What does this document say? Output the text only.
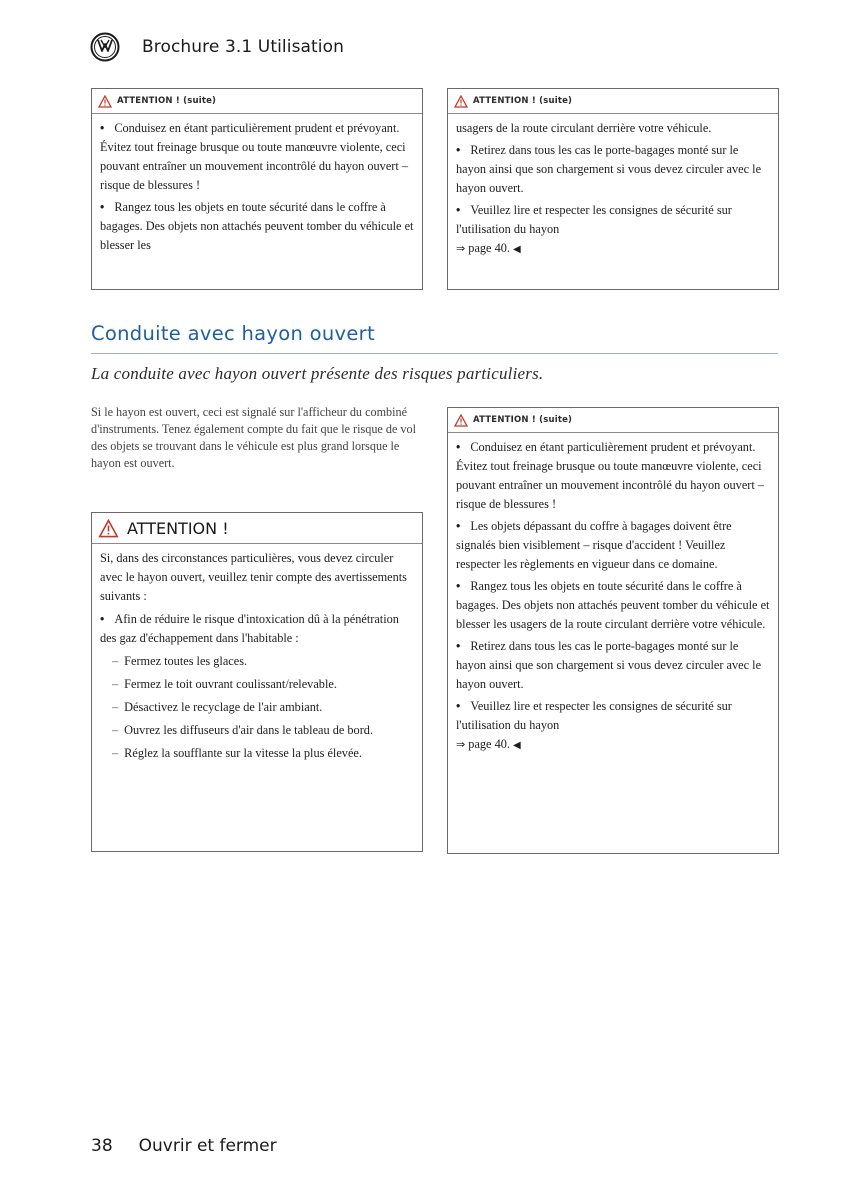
Brochure 3.1 Utilisation
ATTENTION ! (suite)

• Conduisez en étant particulièrement prudent et prévoyant. Évitez tout freinage brusque ou toute manœuvre violente, ceci pouvant entraîner un mouvement incontrôlé du hayon ouvert – risque de blessures !

• Rangez tous les objets en toute sécurité dans le coffre à bagages. Des objets non attachés peuvent tomber du véhicule et blesser les

ATTENTION ! (suite)

usagers de la route circulant derrière votre véhicule.

• Retirez dans tous les cas le porte-bagages monté sur le hayon ainsi que son chargement si vous devez circuler avec le hayon ouvert.

• Veuillez lire et respecter les consignes de sécurité sur l'utilisation du hayon
⇒ page 40. ◀

Conduite avec hayon ouvert
La conduite avec hayon ouvert présente des risques particuliers.
Si le hayon est ouvert, ceci est signalé sur l'afficheur du combiné d'instruments. Tenez également compte du fait que le risque de vol des objets se trouvant dans le véhicule est plus grand lorsque le hayon est ouvert.
ATTENTION !

Si, dans des circonstances particulières, vous devez circuler avec le hayon ouvert, veuillez tenir compte des avertissements suivants :

• Afin de réduire le risque d'intoxication dû à la pénétration des gaz d'échappement dans l'habitable :

– Fermez toutes les glaces.

– Fermez le toit ouvrant coulissant/relevable.

– Désactivez le recyclage de l'air ambiant.

– Ouvrez les diffuseurs d'air dans le tableau de bord.

– Réglez la soufflante sur la vitesse la plus élevée.

ATTENTION ! (suite)

• Conduisez en étant particulièrement prudent et prévoyant. Évitez tout freinage brusque ou toute manœuvre violente, ceci pouvant entraîner un mouvement incontrôlé du hayon ouvert – risque de blessures !

• Les objets dépassant du coffre à bagages doivent être signalés bien visiblement – risque d'accident ! Veuillez respecter les règlements en vigueur dans ce domaine.

• Rangez tous les objets en toute sécurité dans le coffre à bagages. Des objets non attachés peuvent tomber du véhicule et blesser les usagers de la route circulant derrière votre véhicule.

• Retirez dans tous les cas le porte-bagages monté sur le hayon ainsi que son chargement si vous devez circuler avec le hayon ouvert.

• Veuillez lire et respecter les consignes de sécurité sur l'utilisation du hayon
⇒ page 40. ◀

38 Ouvrir et fermer
